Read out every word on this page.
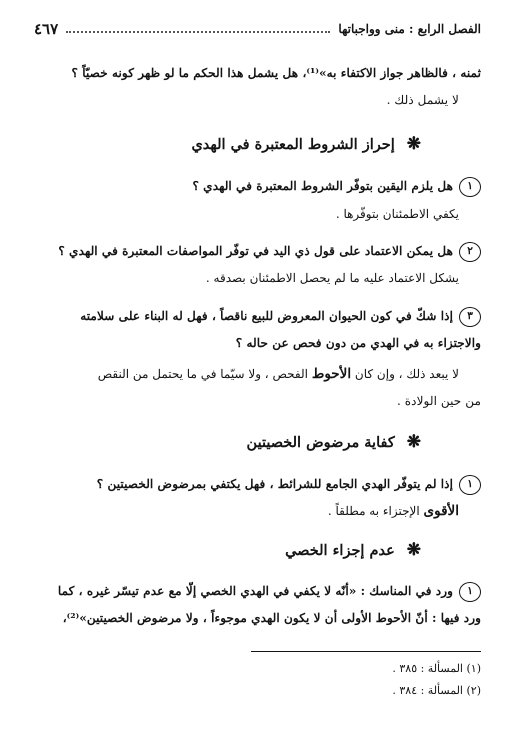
الفصل الرابع : منى وواجباتها
٤٦٧
ثمنه ، فالظاهر جواز الاكتفاء به»⁽¹⁾، هل يشمل هذا الحكم ما لو ظهر كونه خصيّاً ؟
لا يشمل ذلك .
❋
إحراز الشروط المعتبرة في الهدي
١هل يلزم اليقين بتوفّر الشروط المعتبرة في الهدي ؟
يكفي الاطمئنان بتوفّرها .
٢هل يمكن الاعتماد على قول ذي اليد في توفّر المواصفات المعتبرة في الهدي ؟
يشكل الاعتماد عليه ما لم يحصل الاطمئنان بصدقه .
٣إذا شكّ في كون الحيوان المعروض للبيع ناقصاً ، فهل له البناء على سلامته
والاجتزاء به في الهدي من دون فحص عن حاله ؟
لا يبعد ذلك ، وإن كان الأحوط الفحص ، ولا سيّما في ما يحتمل من النقص
من حين الولادة .
❋
كفاية مرضوض الخصيتين
١إذا لم يتوفّر الهدي الجامع للشرائط ، فهل يكتفي بمرضوض الخصيتين ؟
الأقوى الإجتزاء به مطلقاً .
❋
عدم إجزاء الخصي
١ورد في المناسك : «أنّه لا يكفي في الهدي الخصي إلّا مع عدم تيسّر غيره ، كما
ورد فيها : أنّ الأحوط الأولى أن لا يكون الهدي موجوءاً ، ولا مرضوض الخصيتين»⁽²⁾،
(١) المسألة : ٣٨٥ .
(٢) المسألة : ٣٨٤ .
